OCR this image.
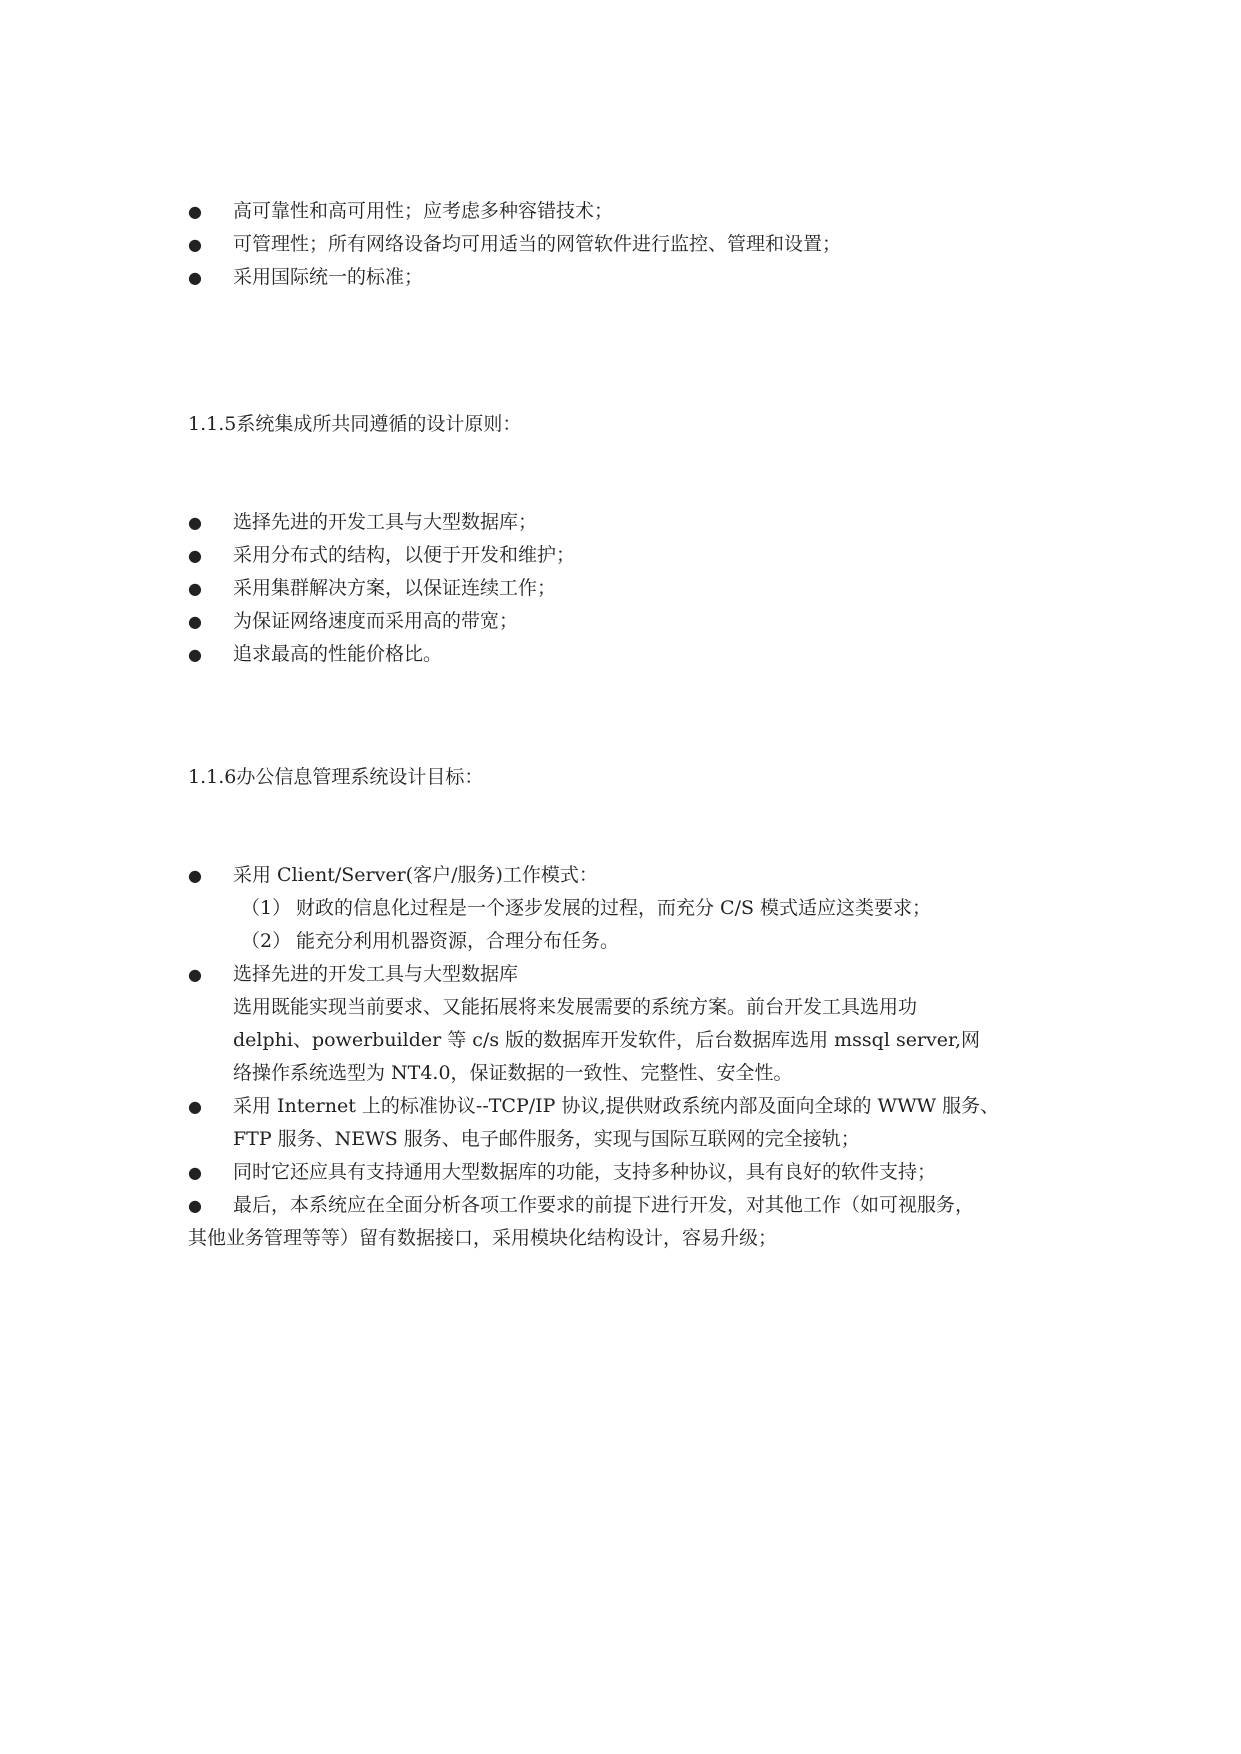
● 高可靠性和高可用性；应考虑多种容错技术；
● 可管理性；所有网络设备均可用适当的网管软件进行监控、管理和设置；
● 采用国际统一的标准；
1.1.5系统集成所共同遵循的设计原则：
● 选择先进的开发工具与大型数据库；
● 采用分布式的结构，以便于开发和维护；
● 采用集群解决方案，以保证连续工作；
● 为保证网络速度而采用高的带宽；
● 追求最高的性能价格比。
1.1.6办公信息管理系统设计目标：
● 采用 Client/Server(客户/服务)工作模式：
（1） 财政的信息化过程是一个逐步发展的过程，而充分 C/S 模式适应这类要求；
（2） 能充分利用机器资源，合理分布任务。
● 选择先进的开发工具与大型数据库
选用既能实现当前要求、又能拓展将来发展需要的系统方案。前台开发工具选用功
delphi、powerbuilder 等 c/s 版的数据库开发软件，后台数据库选用 mssql server,网
络操作系统选型为 NT4.0，保证数据的一致性、完整性、安全性。
● 采用 Internet 上的标准协议--TCP/IP 协议,提供财政系统内部及面向全球的 WWW 服务、
FTP 服务、NEWS 服务、电子邮件服务，实现与国际互联网的完全接轨；
● 同时它还应具有支持通用大型数据库的功能，支持多种协议，具有良好的软件支持；
● 最后，本系统应在全面分析各项工作要求的前提下进行开发，对其他工作（如可视服务，
其他业务管理等等）留有数据接口，采用模块化结构设计，容易升级；
